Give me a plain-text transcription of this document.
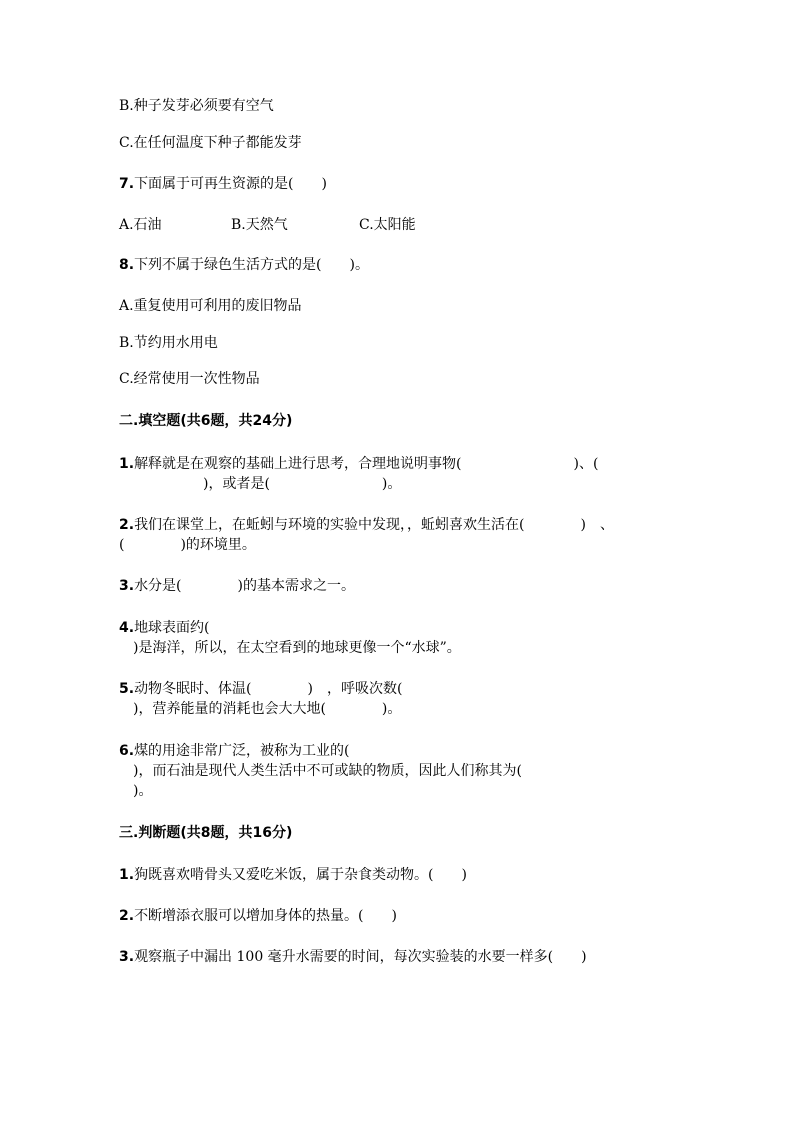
B.种子发芽必须要有空气
C.在任何温度下种子都能发芽
7.下面属于可再生资源的是(　　)
A.石油	B.天然气	C.太阳能
8.下列不属于绿色生活方式的是(　　)。
A.重复使用可利用的废旧物品
B.节约用水用电
C.经常使用一次性物品
二.填空题(共6题，共24分)
1.解释就是在观察的基础上进行思考，合理地说明事物(　　　　　　　　)、(
　　　　　　)，或者是(　　　　　　　　)。
2.我们在课堂上，在蚯蚓与环境的实验中发现，，蚯蚓喜欢生活在(　　　　)　、
(　　　　)的环境里。
3.水分是(　　　　)的基本需求之一。
4.地球表面约(
　)是海洋，所以，在太空看到的地球更像一个“水球”。
5.动物冬眠时、体温(　　　　)　，呼吸次数(
　)，营养能量的消耗也会大大地(　　　　)。
6.煤的用途非常广泛，被称为工业的(
　)，而石油是现代人类生活中不可或缺的物质，因此人们称其为(
　)。
三.判断题(共8题，共16分)
1.狗既喜欢啃骨头又爱吃米饭，属于杂食类动物。(　　)
2.不断增添衣服可以增加身体的热量。(　　)
3.观察瓶子中漏出 100 毫升水需要的时间，每次实验装的水要一样多(　　)
